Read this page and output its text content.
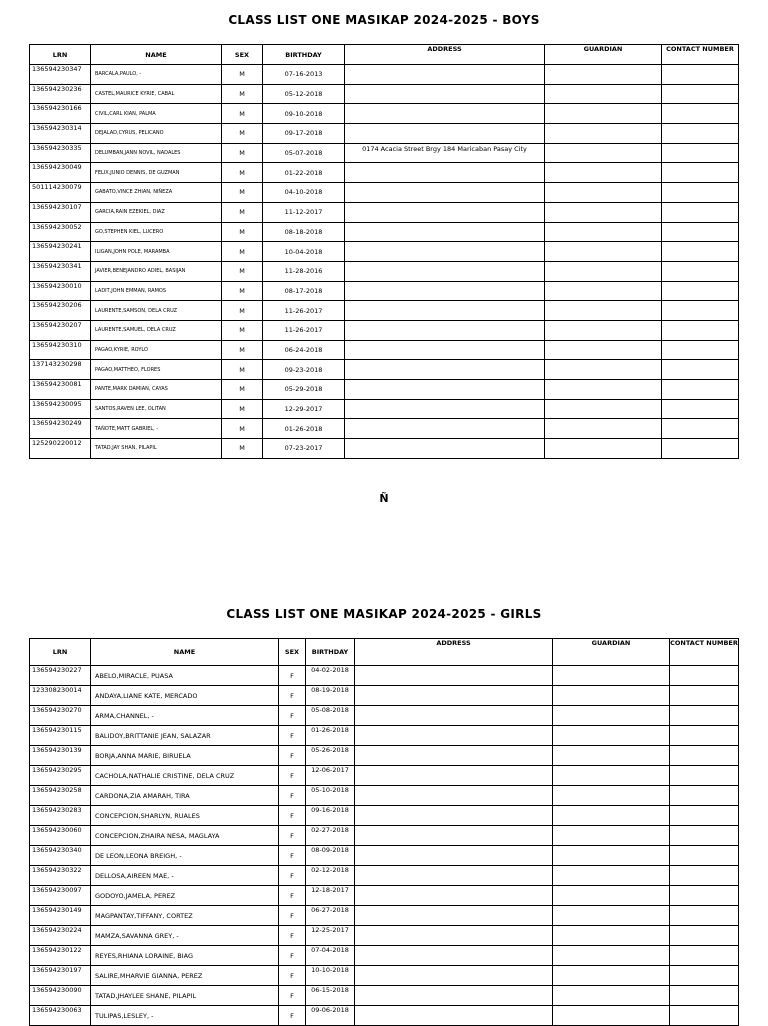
CLASS LIST ONE MASIKAP 2024-2025 - BOYS
LRN	NAME	SEX	BIRTHDAY	ADDRESS	GUARDIAN	CONTACT NUMBER
136594230347	BARCALA,PAULO, -	M	07-16-2013			
136594230236	CASTEL,MAURICE KYRIE, CABAL	M	05-12-2018			
136594230166	CIVIL,CARL KIAN, PALMA	M	09-10-2018			
136594230314	DEJALAD,CYRUS, PELICANO	M	09-17-2018			
136594230335	DELUMBAN,JANN NOVIL, NADALES	M	05-07-2018	0174 Acacia Street Brgy 184 Maricaban Pasay City		
136594230049	FELIX,JUNIO DENNIS, DE GUZMAN	M	01-22-2018			
501114230079	GABATO,VINCE ZHIAN, NIÑEZA	M	04-10-2018			
136594230107	GARCIA,RAIN EZEKIEL, DIAZ	M	11-12-2017			
136594230052	GO,STEPHEN KIEL, LUCERO	M	08-18-2018			
136594230241	ILIGAN,JOHN POLE, MARAMBA	M	10-04-2018			
136594230341	JAVIER,BENEJANDRO ADIEL, BASIJAN	M	11-28-2016			
136594230010	LADIT,JOHN EMMAN, RAMOS	M	08-17-2018			
136594230206	LAURENTE,SAMSON, DELA CRUZ	M	11-26-2017			
136594230207	LAURENTE,SAMUEL, DELA CRUZ	M	11-26-2017			
136594230310	PAGAO,KYRIE, ROYLO	M	06-24-2018			
137143230298	PAGAO,MATTHEO, FLORES	M	09-23-2018			
136594230081	PANTE,MARK DAMIAN, CAYAS	M	05-29-2018			
136594230095	SANTOS,RAVEN LEE, OLITAN	M	12-29-2017			
136594230249	TAÑOTE,MATT GABRIEL, -	M	01-26-2018			
125290220012	TATAD,JAY SHAN, PILAPIL	M	07-23-2017			
Ñ
CLASS LIST ONE MASIKAP 2024-2025 - GIRLS
LRN	NAME	SEX	BIRTHDAY	ADDRESS	GUARDIAN	CONTACT NUMBER
136594230227	ABELO,MIRACLE, PUASA	F	04-02-2018			
123308230014	ANDAYA,LIANE KATE, MERCADO	F	08-19-2018			
136594230270	ARMA,CHANNEL, -	F	05-08-2018			
136594230115	BALIDOY,BRITTANIE JEAN, SALAZAR	F	01-26-2018			
136594230139	BORJA,ANNA MARIE, BIRUELA	F	05-26-2018			
136594230295	CACHOLA,NATHALIE CRISTINE, DELA CRUZ	F	12-06-2017			
136594230258	CARDONA,ZIA AMARAH, TIRA	F	05-10-2018			
136594230283	CONCEPCION,SHARLYN, RUALES	F	09-16-2018			
136594230060	CONCEPCION,ZHAIRA NESA, MAGLAYA	F	02-27-2018			
136594230340	DE LEON,LEONA BREIGH, -	F	08-09-2018			
136594230322	DELLOSA,AIREEN MAE, -	F	02-12-2018			
136594230097	GODOYO,JAMELA, PEREZ	F	12-18-2017			
136594230149	MAGPANTAY,TIFFANY, CORTEZ	F	06-27-2018			
136594230224	MAMZA,SAVANNA GREY, -	F	12-25-2017			
136594230122	REYES,RHIANA LORAINE, BIAG	F	07-04-2018			
136594230197	SALIRE,MHARVIE GIANNA, PEREZ	F	10-10-2018			
136594230090	TATAD,JHAYLEE SHANE, PILAPIL	F	06-15-2018			
136594230063	TULIPAS,LESLEY, -	F	09-06-2018			
